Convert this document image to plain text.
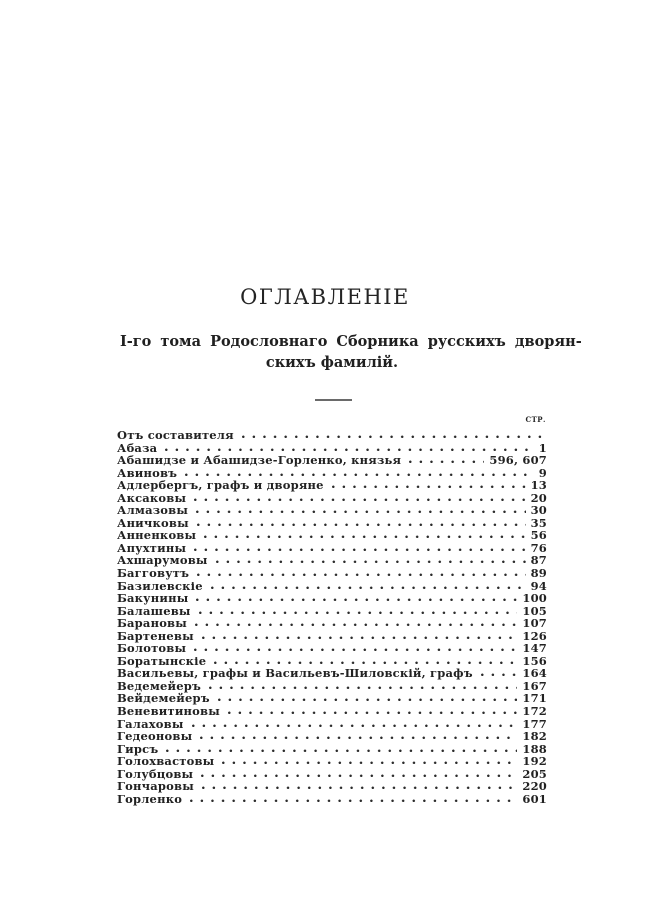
ОГЛАВЛЕНІЕ
І-го тома Родословнаго Сборника русскихъ дворян-
скихъ фамилій.
стр.
Отъ составителя
Абаза	1
Абашидзе и Абашидзе-Горленко, князья	596, 607
Авиновъ	9
Адлербергъ, графъ и дворяне	13
Аксаковы	20
Алмазовы	30
Аничковы	35
Анненковы	56
Апухтины	76
Ахшарумовы	87
Багговутъ	89
Базилевскіе	94
Бакунины	100
Балашевы	105
Барановы	107
Бартеневы	126
Болотовы	147
Боратынскіе	156
Васильевы, графы и Васильевъ-Шиловскій, графъ	164
Ведемейеръ	167
Вейдемейеръ	171
Веневитиновы	172
Галаховы	177
Гедеоновы	182
Гирсъ	188
Голохвастовы	192
Голубцовы	205
Гончаровы	220
Горленко	601
